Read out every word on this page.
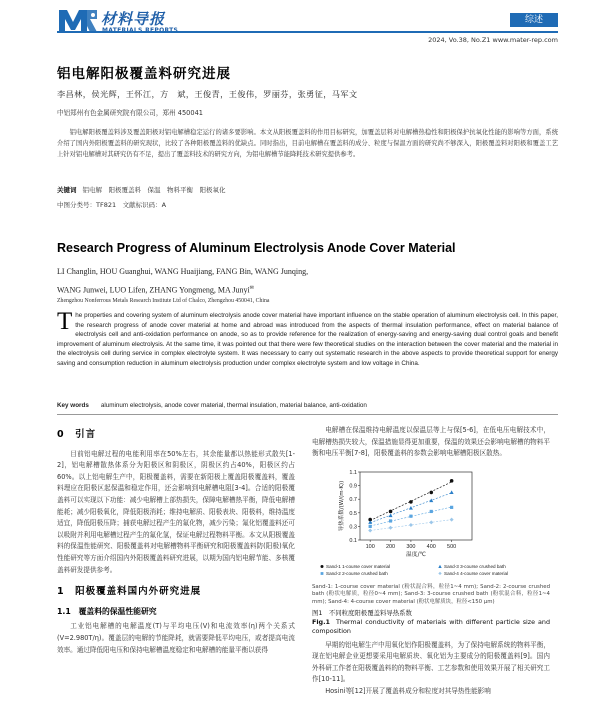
材料导报	综述
2024, Vo.38, No.Z1 www.mater-rep.com
铝电解阳极覆盖料研究进展
李昌林，侯光辉，王怀江，方　斌，王俊青，王俊伟，罗丽芬，张勇征，马军文
中铝郑州有色金属研究院有限公司，郑州 450041
铝电解阳极覆盖料涉及覆盖阳极对铝电解槽稳定运行的诸多要影响。本文从阳极覆盖料的作用目标研究，加覆盖层料对电解槽热稳性和阳极保护抗氧化性能的影响等方面，系统介绍了国内外阳极覆盖料的研究现状，比较了各种阳极覆盖料的优缺点。同时指出，目前电解槽在覆盖料的成分、粒度与保温方面的研究尚不够深入，阳极覆盖料对阳极和覆盖工艺上针对铝电解槽对其研究仍有不足，提出了覆盖料技术的研究方向，为铝电解槽节能降耗技术研究提供参考。
关键词 铝电解　阳极覆盖料　保温　物料平衡　阳极氧化
中图分类号：TF821　文献标识码：A
Research Progress of Aluminum Electrolysis Anode Cover Material
LI Changlin, HOU Guanghui, WANG Huaijiang, FANG Bin, WANG Junqing,
WANG Junwei, LUO Lifen, ZHANG Yongmeng, MA Junyi✉
Zhengzhou Nonferrous Metals Research Institute Ltd of Chalco, Zhengzhou 450041, China
The properties and covering system of aluminum electrolysis anode cover material have important influence on the stable operation of aluminum electrolysis cell. In this paper, the research progress of anode cover material at home and abroad was introduced from the aspects of thermal insulation performance, effect on material balance of electrolysis cell and anti-oxidation performance on anode, so as to provide reference for the realization of energy-saving and energy-saving dual control goals and benefit improvement of aluminum electrolysis. At the same time, it was pointed out that there were few theoretical studies on the interaction between the cover material and the material in the electrolysis cell during service in complex electrolyte system. It was necessary to carry out systematic research in the above aspects to provide theoretical support for energy saving and consumption reduction in aluminum electrolysis production under complex electrolyte system and low voltage in China.
Key words aluminum electrolysis, anode cover material, thermal insulation, material balance, anti-oxidation
0　引言

目前铝电解过程的电能利用率在50%左右，其余能量都以热能形式散失[1-2]，铝电解槽散热体系分为阳极区和阴极区，阴极区约占40%，阳极区约占60%。以上铝电解生产中，阳极覆盖料，需要在新阳极上覆盖阳极覆盖料，覆盖料理应在阳极区起保温和稳定作用，还会影响到电解槽电阻[3-4]。合适的阳极覆盖料可以实现以下功能：减少电解槽上部热损失，保障电解槽热平衡，降低电解槽能耗；减少阳极氧化，降低阳极消耗；维持电解质、阳极表块、阳极料，维持温度适宜，降低阳极压降；捕获电解过程产生的氟化物，减少污染；氟化铝覆盖料还可以吸附并利用电解槽过程产生的氟化氢，保证电解过程物料平衡。本文从阳极覆盖料的保温性能研究、阳极覆盖料对电解槽物料平衡研究和阳极覆盖料防(阳极)氧化性能研究等方面介绍国内外阳极覆盖料研究进展，以期为国内铝电解节能、多核覆盖料研发提供参考。

1　阳极覆盖料国内外研究进展
1.1　覆盖料的保温性能研究

工业铝电解槽的电解温度(T)与平均电压(V)和电流效率(η)两个关系式(V=2.980T/η)。覆盖层的电解的节能降耗，就需要降低平均电压，或者提高电流效率。通过降低阳电压和保持电解槽温度稳定和电解槽的能量平衡以获得

电解槽在保温维持电解温度以保温层等上与保[5-6]，在低电压电解技术中，电解槽热损失较大，保温措施显得更加重要，保温的效果还会影响电解槽的物料平衡和电压平衡[7-8]，阳极覆盖料的参数会影响电解槽阳极区散热。

100 200 300 400 500
0.1
0.3
0.5
0.7
0.9
1.1
温度/℃
导热系数/(W/(m·K))
Sand-1 1-course cover material	Sand-3 3-course crushed bath
Sand-2 2-course crushed bath	Sand-4 4-course cover material
Sand-1: 1-course cover material (粉状混合料，粒径1~4 mm); Sand-2: 2-course crushed bath (粉状电解质，粒径0~4 mm); Sand-3: 3-course crushed bath (粉状混合料，粒径1~4 mm); Sand-4: 4-course cover material (粉状电解质块，粒径<150 μm)
图1　不同粒度阳极覆盖料导热系数
Fig.1 Thermal conductivity of materials with different particle size and composition

早期的铝电解生产中用氧化铝作阳极覆盖料，为了保持电解系统的物料平衡，现在铝电解企业更想要采用电解质块、氧化铝为主要成分的阳极覆盖料[9]。国内外科研工作者在阳极覆盖料的的物料平衡、工艺参数和使用效果开展了相关研究工作[10-11]。

Hosini等[12]开展了覆盖料成分和粒度对其导热性能影响
